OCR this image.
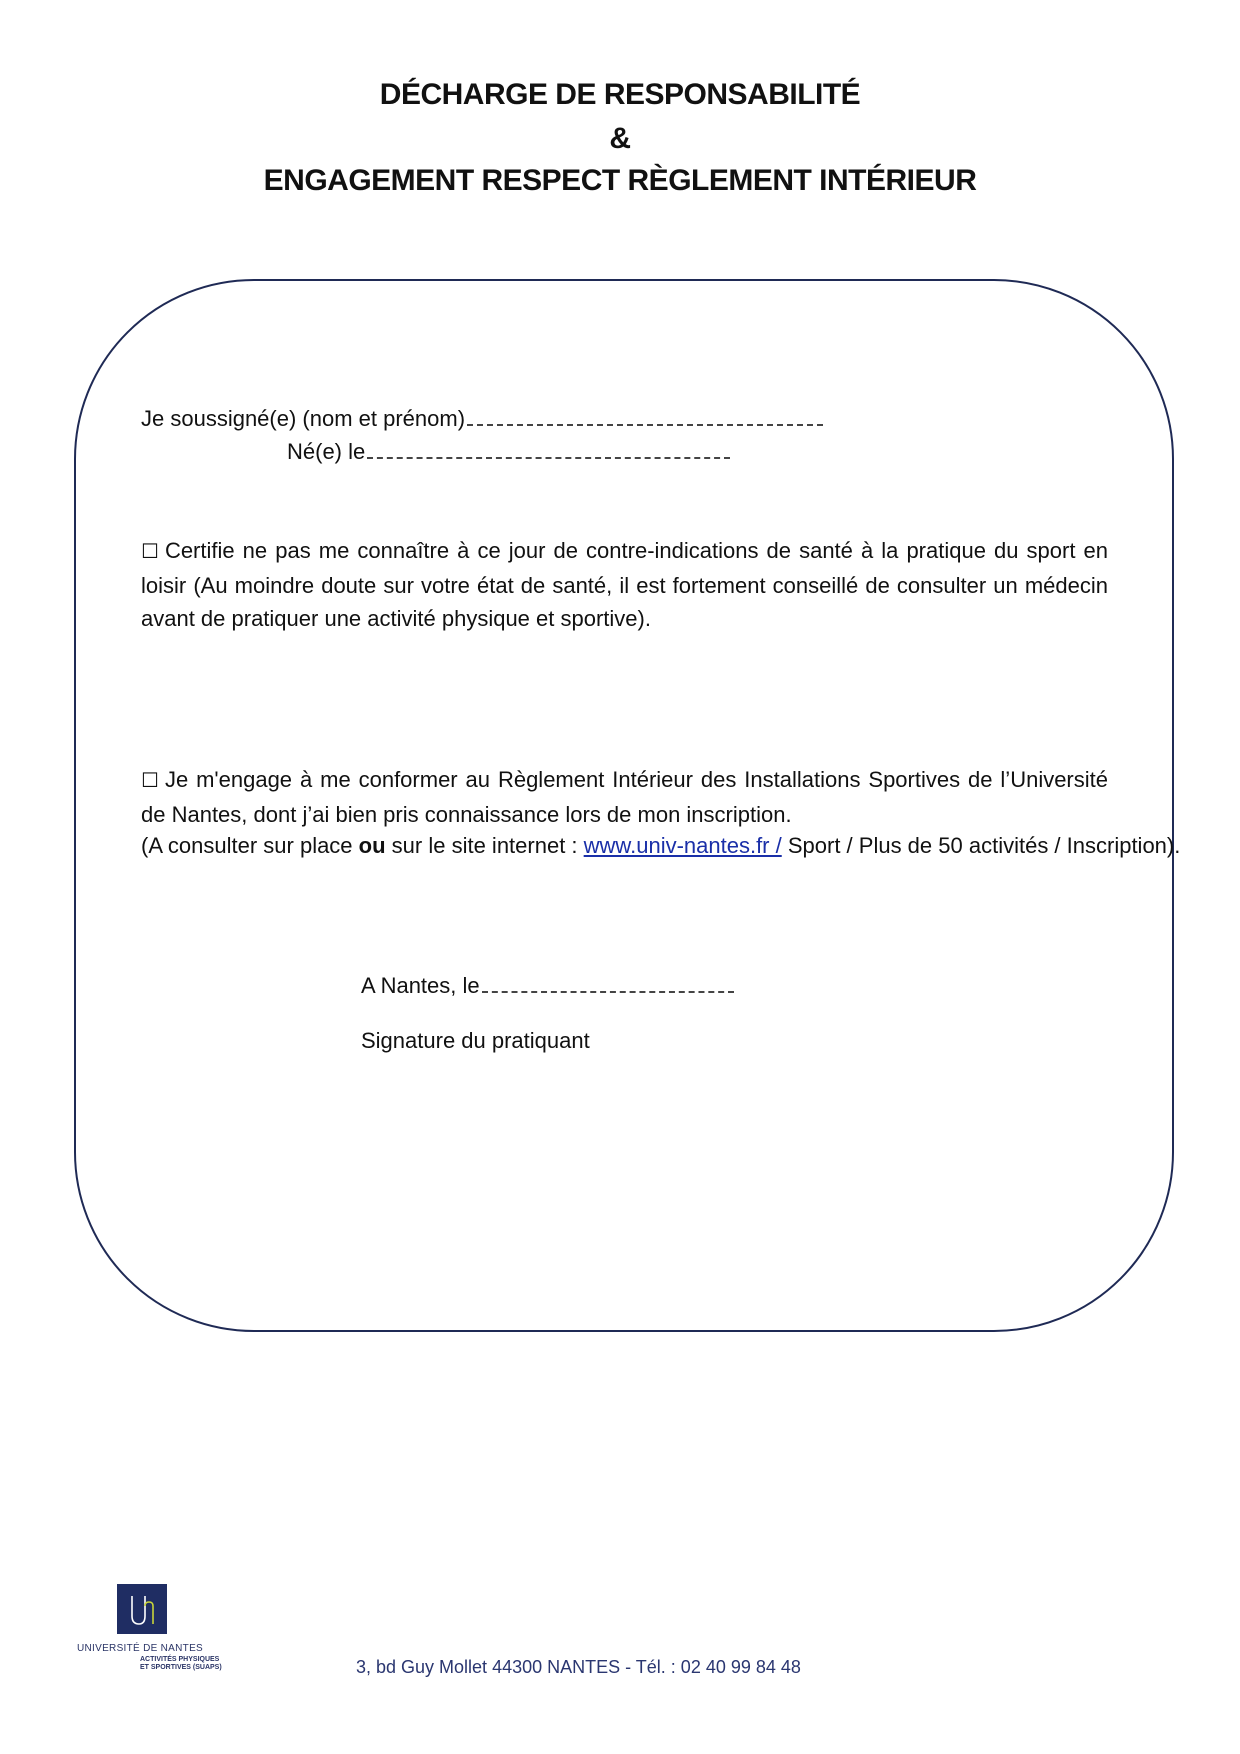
DÉCHARGE DE RESPONSABILITÉ
&
ENGAGEMENT RESPECT RÈGLEMENT INTÉRIEUR
Je soussigné(e) (nom et prénom)
Né(e) le
☐ Certifie ne pas me connaître à ce jour de contre-indications de santé à la pratique du sport en loisir (Au moindre doute sur votre état de santé, il est fortement conseillé de consulter un médecin avant de pratiquer une activité physique et sportive).
☐ Je m'engage à me conformer au Règlement Intérieur des Installations Sportives de l’Université de Nantes, dont j’ai bien pris connaissance lors de mon inscription.
(A consulter sur place ou sur le site internet : www.univ-nantes.fr / Sport / Plus de 50 activités / Inscription).
A Nantes, le
Signature du pratiquant
UNIVERSITÉ DE NANTES
ACTIVITÉS PHYSIQUES
ET SPORTIVES (SUAPS)	3, bd Guy Mollet 44300 NANTES - Tél. : 02 40 99 84 48
